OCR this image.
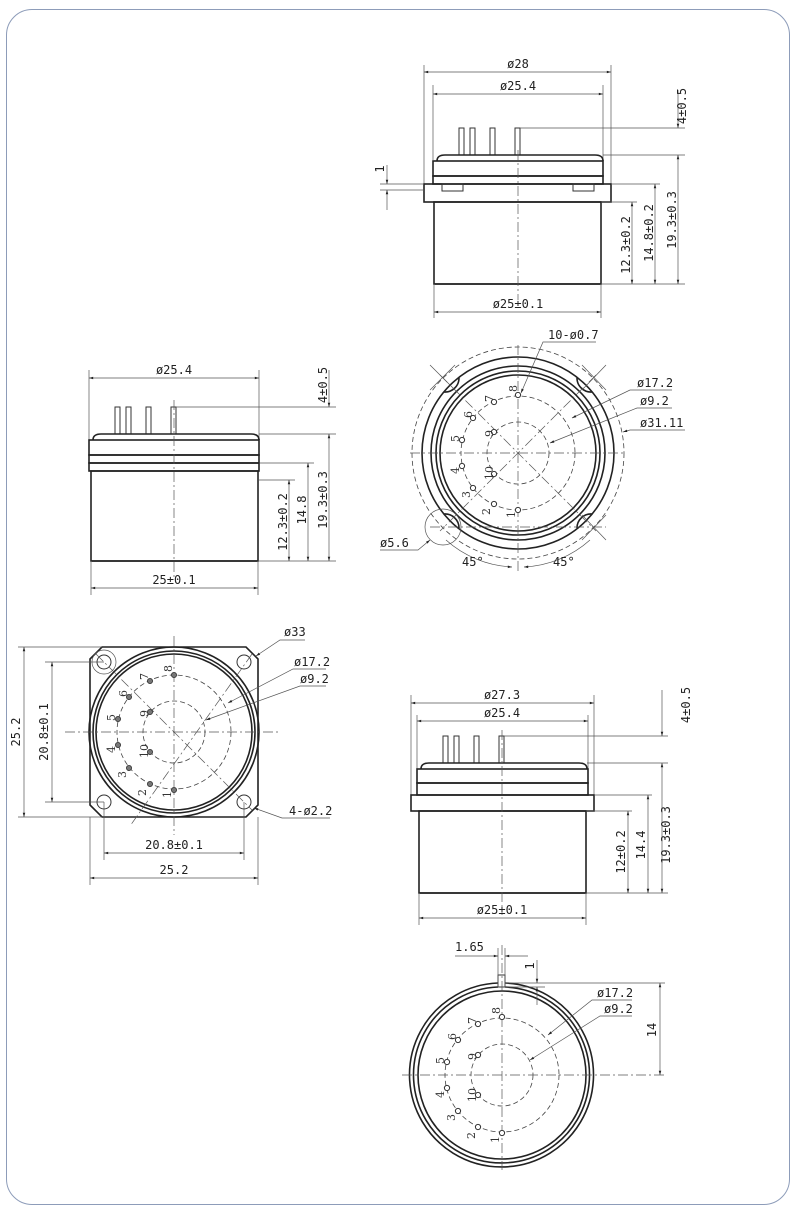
ø28
ø25.4
ø25±0.1
4±0.5
19.3±0.3
14.8±0.2
12.3±0.2
1
1
2
3
4
5
6
7
8
9
10
10-ø0.7
ø17.2
ø9.2
ø31.11
ø5.6
45°	45°
ø25.4
25±0.1
4±0.5
19.3±0.3
14.8
12.3±0.2
1
2
3
4
5
6
7
8
9
10
ø33
ø17.2
ø9.2
4-ø2.2
25.2 20.8±0.1
20.8±0.1
25.2
ø27.3
ø25.4
ø25±0.1
4±0.5
19.3±0.3
14.4
12±0.2
1.65
1
14
1
2
3
4
5
6
7
8
9
10
ø17.2
ø9.2
